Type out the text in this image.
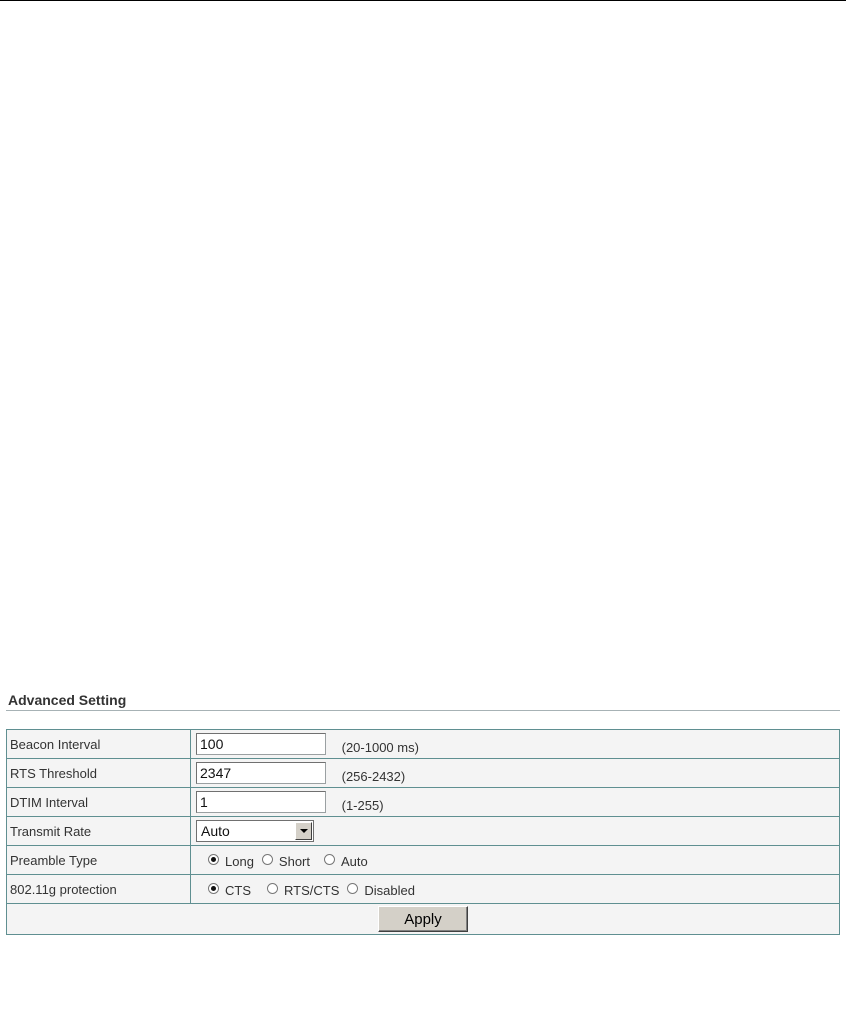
Advanced Setting
Beacon Interval	100(20-1000 ms)
RTS Threshold	2347(256-2432)
DTIM Interval	1(1-255)
Transmit Rate	Auto

Preamble Type	Long Short Auto

802.11g protection	CTS RTS/CTS Disabled

Apply	
